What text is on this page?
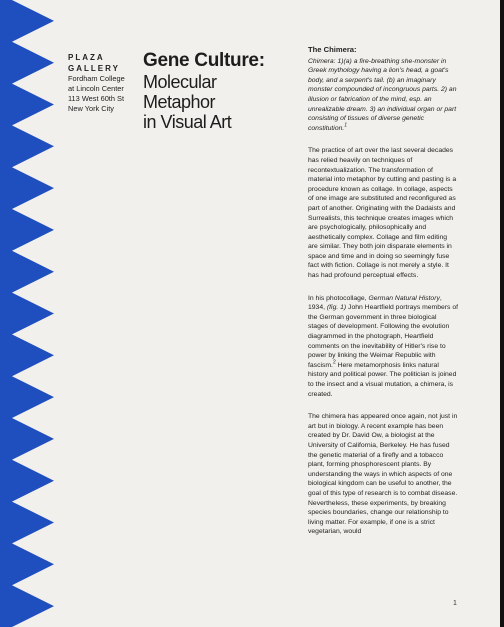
PLAZA
GALLERY
Fordham College
at Lincoln Center
113 West 60th St
New York City
Gene Culture:
Molecular Metaphor
in Visual Art
The Chimera:

Chimera: 1)(a) a fire-breathing she-monster in Greek mythology having a lion's head, a goat's body, and a serpent's tail. (b) an imaginary monster compounded of incongruous parts. 2) an illusion or fabrication of the mind, esp. an unrealizable dream. 3) an individual organ or part consisting of tissues of diverse genetic constitution.$^1$

The practice of art over the last several decades has relied heavily on techniques of recontextualization. The transformation of material into metaphor by cutting and pasting is a procedure known as collage. In collage, aspects of one image are substituted and reconfigured as part of another. Originating with the Dadaists and Surrealists, this technique creates images which are psychologically, philosophically and aesthetically complex. Collage and film editing are similar. They both join disparate elements in space and time and in doing so seemingly fuse fact with fiction. Collage is not merely a style. It has had profound perceptual effects.

In his photocollage, German Natural History, 1934, (fig. 1) John Heartfield portrays members of the German government in three biological stages of development. Following the evolution diagrammed in the photograph, Heartfield comments on the inevitability of Hitler's rise to power by linking the Weimar Republic with fascism.$^2$ Here metamorphosis links natural history and political power. The politician is joined to the insect and a visual mutation, a chimera, is created.

The chimera has appeared once again, not just in art but in biology. A recent example has been created by Dr. David Ow, a biologist at the University of California, Berkeley. He has fused the genetic material of a firefly and a tobacco plant, forming phosphorescent plants. By understanding the ways in which aspects of one biological kingdom can be useful to another, the goal of this type of research is to combat disease. Nevertheless, these experiments, by breaking species boundaries, change our relationship to living matter. For example, if one is a strict vegetarian, would

1
